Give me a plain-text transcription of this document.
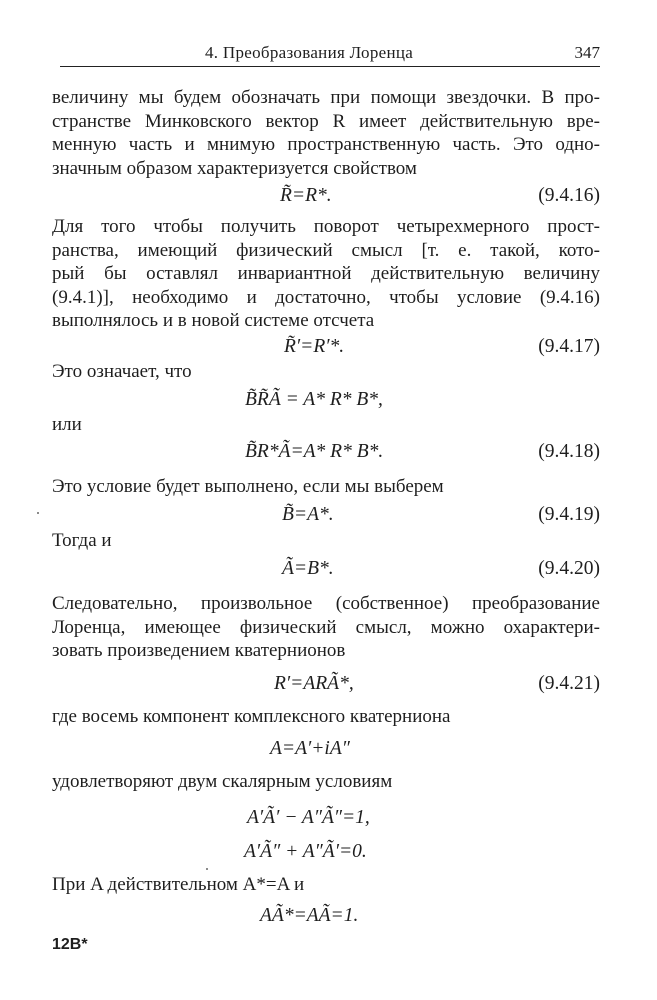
4. Преобразования Лоренца	347

величину мы будем обозначать при помощи звездочки. В про-
странстве Минковского вектор R имеет действительную вре-
менную часть и мнимую пространственную часть. Это одно-
значным образом характеризуется свойством

R̃=R*.	(9.4.16)

Для того чтобы получить поворот четырехмерного прост-
ранства, имеющий физический смысл [т. е. такой, кото-
рый бы оставлял инвариантной действительную величину
(9.4.1)], необходимо и достаточно, чтобы условие (9.4.16)
выполнялось и в новой системе отсчета

R̃′=R′*.	(9.4.17)
Это означает, что
B̃R̃Ã = A* R* B*,
или
B̃R*Ã=A* R* B*.	(9.4.18)
Это условие будет выполнено, если мы выберем
B̃=A*.	(9.4.19)
Тогда и
Ã=B*.	(9.4.20)

Следовательно, произвольное (собственное) преобразование
Лоренца, имеющее физический смысл, можно охарактери-
зовать произведением кватернионов

R′=ARÃ*,	(9.4.21)
где восемь компонент комплексного кватерниона
A=A′+iA″
удовлетворяют двум скалярным условиям
A′Ã′ − A″Ã″=1,
A′Ã″ + A″Ã′=0.
При A действительном A*=A и
AÃ*=AÃ=1.
12В*
